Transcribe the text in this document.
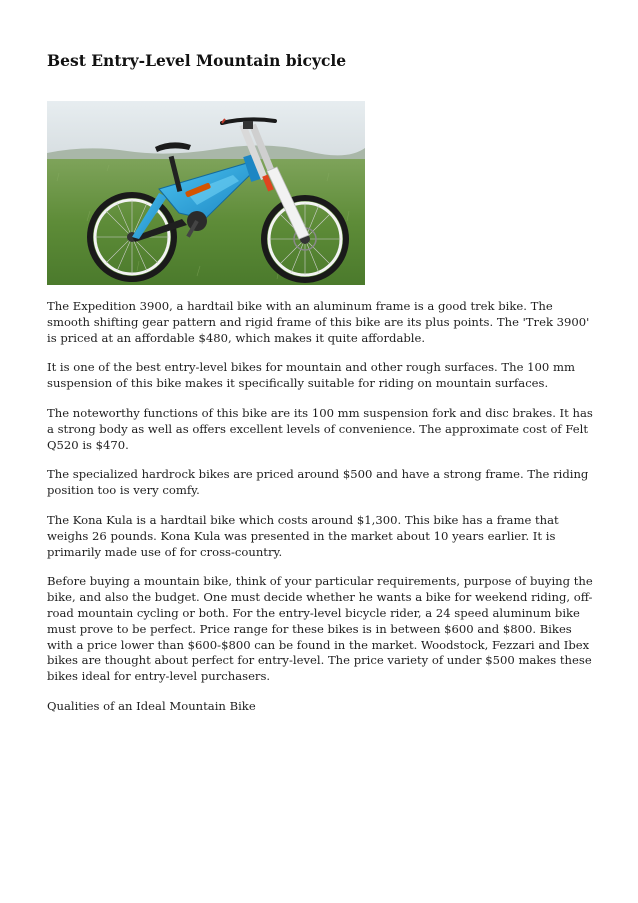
Best Entry-Level Mountain bicycle

The Expedition 3900, a hardtail bike with an aluminum frame is a good trek bike. The smooth shifting gear pattern and rigid frame of this bike are its plus points. The 'Trek 3900' is priced at an affordable $480, which makes it quite affordable.

It is one of the best entry-level bikes for mountain and other rough surfaces. The 100 mm suspension of this bike makes it specifically suitable for riding on mountain surfaces.

The noteworthy functions of this bike are its 100 mm suspension fork and disc brakes. It has a strong body as well as offers excellent levels of convenience. The approximate cost of Felt Q520 is $470.

The specialized hardrock bikes are priced around $500 and have a strong frame. The riding position too is very comfy.

The Kona Kula is a hardtail bike which costs around $1,300. This bike has a frame that weighs 26 pounds. Kona Kula was presented in the market about 10 years earlier. It is primarily made use of for cross-country.

Before buying a mountain bike, think of your particular requirements, purpose of buying the bike, and also the budget. One must decide whether he wants a bike for weekend riding, off-road mountain cycling or both. For the entry-level bicycle rider, a 24 speed aluminum bike must prove to be perfect. Price range for these bikes is in between $600 and $800. Bikes with a price lower than $600-$800 can be found in the market. Woodstock, Fezzari and Ibex bikes are thought about perfect for entry-level. The price variety of under $500 makes these bikes ideal for entry-level purchasers.

Qualities of an Ideal Mountain Bike
